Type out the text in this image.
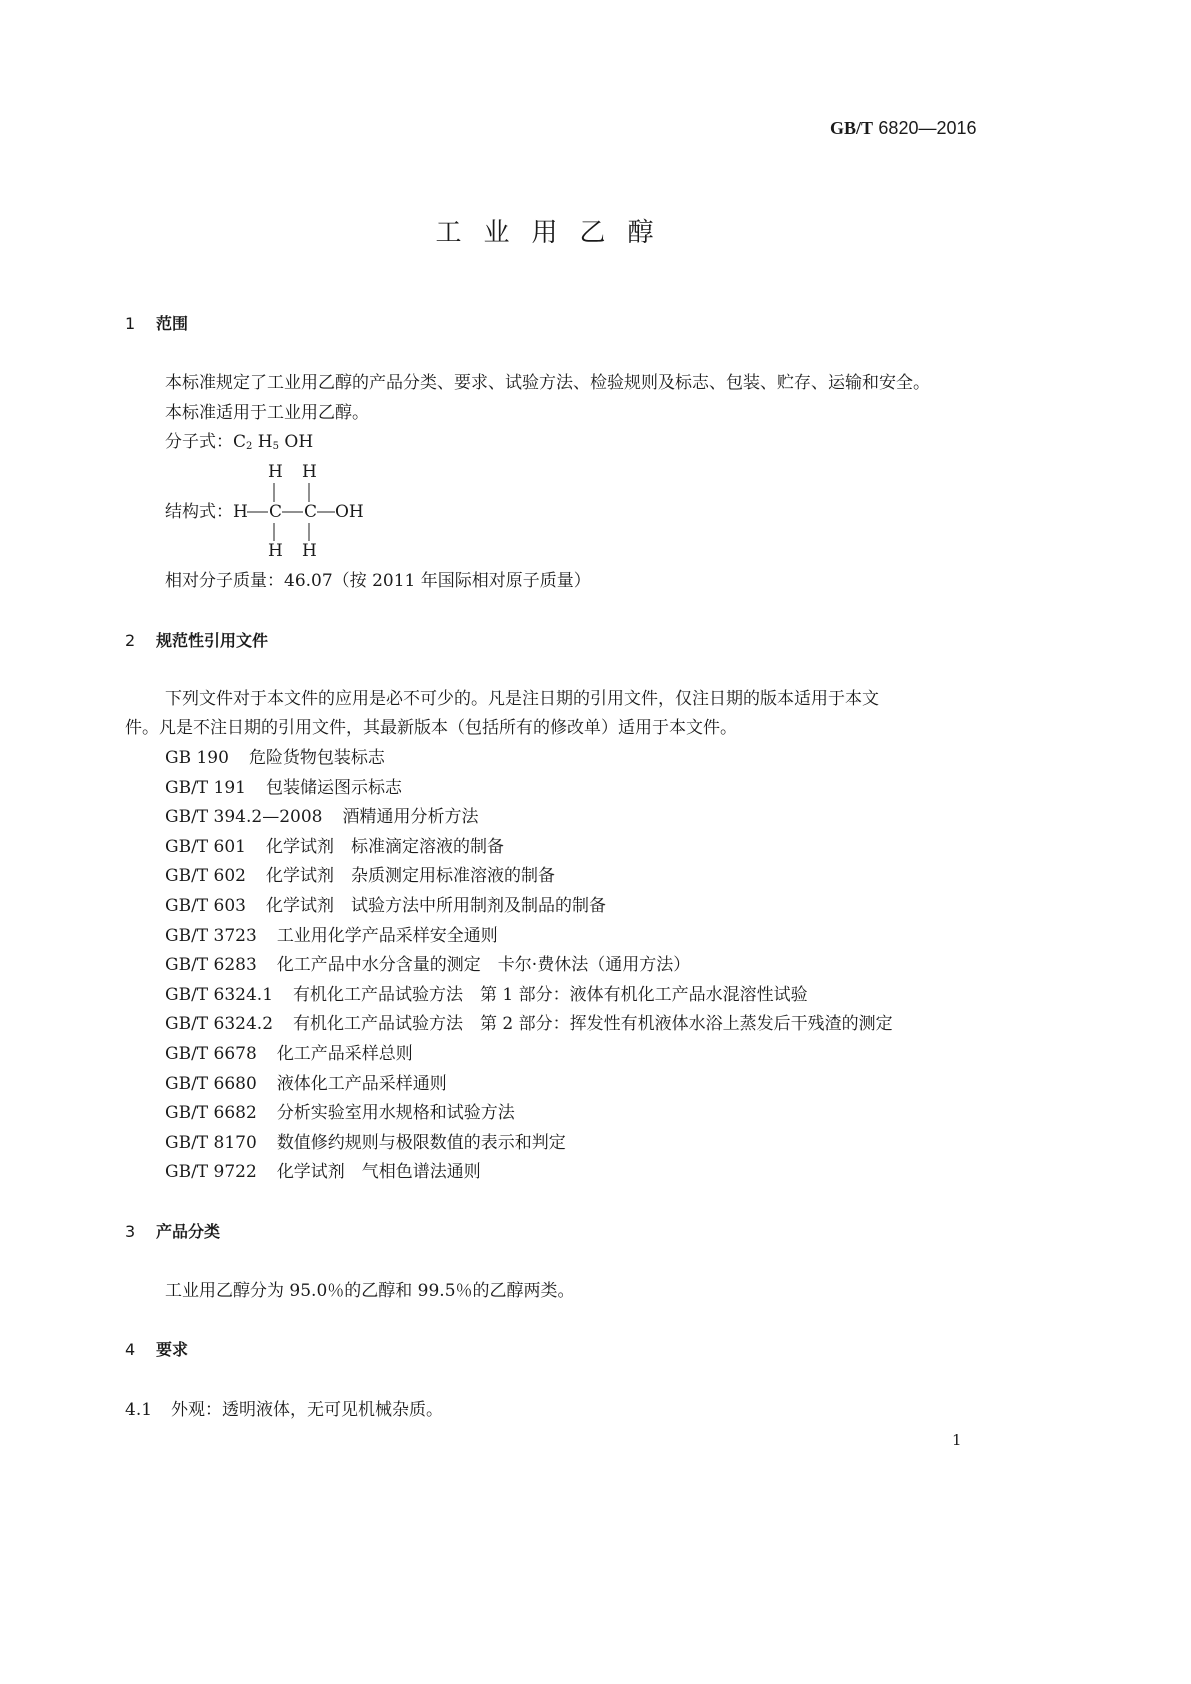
GB/T 6820—2016
工业用乙醇
1 范围
本标准规定了工业用乙醇的产品分类、要求、试验方法、检验规则及标志、包装、贮存、运输和安全。
本标准适用于工业用乙醇。
分子式：$C_2$ $H_5$ OH
结构式： H C C OH
H H
H H
相对分子质量：46.07（按 2011 年国际相对原子质量）
2 规范性引用文件
下列文件对于本文件的应用是必不可少的。凡是注日期的引用文件，仅注日期的版本适用于本文
件。凡是不注日期的引用文件，其最新版本（包括所有的修改单）适用于本文件。
GB 190 危险货物包装标志
GB/T 191 包装储运图示标志
GB/T 394.2—2008 酒精通用分析方法
GB/T 601 化学试剂　标准滴定溶液的制备
GB/T 602 化学试剂　杂质测定用标准溶液的制备
GB/T 603 化学试剂　试验方法中所用制剂及制品的制备
GB/T 3723 工业用化学产品采样安全通则
GB/T 6283 化工产品中水分含量的测定　卡尔·费休法（通用方法）
GB/T 6324.1 有机化工产品试验方法　第 1 部分：液体有机化工产品水混溶性试验
GB/T 6324.2 有机化工产品试验方法　第 2 部分：挥发性有机液体水浴上蒸发后干残渣的测定
GB/T 6678 化工产品采样总则
GB/T 6680 液体化工产品采样通则
GB/T 6682 分析实验室用水规格和试验方法
GB/T 8170 数值修约规则与极限数值的表示和判定
GB/T 9722 化学试剂　气相色谱法通则
3 产品分类
工业用乙醇分为 95.0％的乙醇和 99.5％的乙醇两类。
4 要求
4.1 外观：透明液体，无可见机械杂质。
1
